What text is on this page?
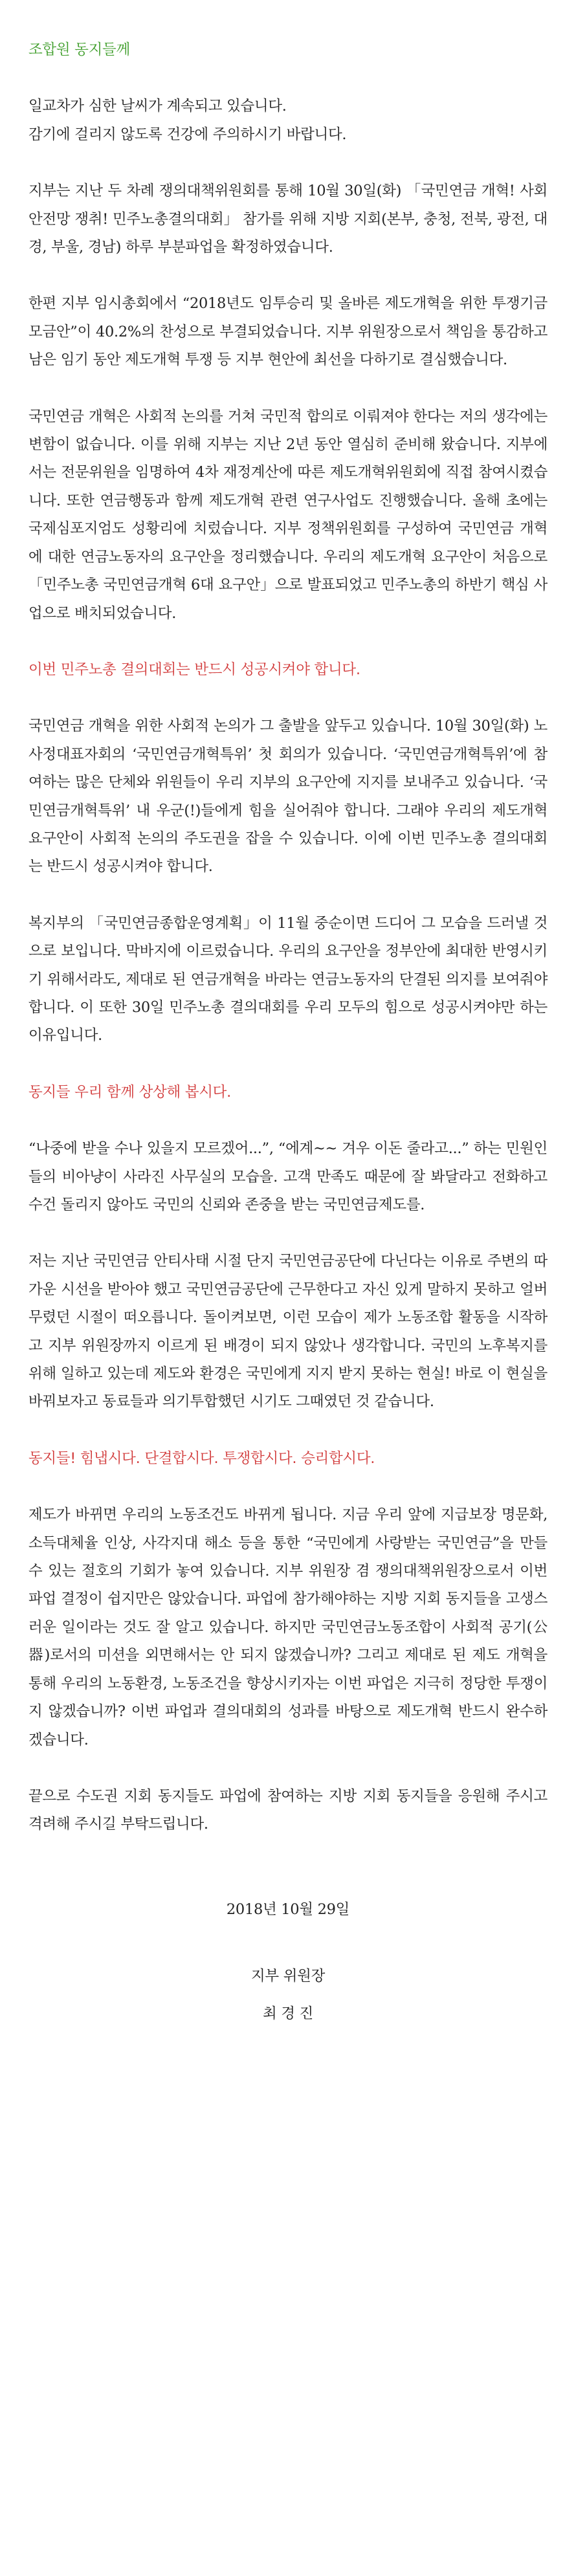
조합원 동지들께

일교차가 심한 날씨가 계속되고 있습니다.
감기에 걸리지 않도록 건강에 주의하시기 바랍니다.

지부는 지난 두 차례 쟁의대책위원회를 통해 10월 30일(화) 「국민연금 개혁! 사회안전망 쟁취! 민주노총결의대회」 참가를 위해 지방 지회(본부, 충청, 전북, 광전, 대경, 부울, 경남) 하루 부분파업을 확정하였습니다.

한편 지부 임시총회에서 “2018년도 임투승리 및 올바른 제도개혁을 위한 투쟁기금 모금안”이 40.2%의 찬성으로 부결되었습니다. 지부 위원장으로서 책임을 통감하고 남은 임기 동안 제도개혁 투쟁 등 지부 현안에 최선을 다하기로 결심했습니다.

국민연금 개혁은 사회적 논의를 거쳐 국민적 합의로 이뤄져야 한다는 저의 생각에는 변함이 없습니다. 이를 위해 지부는 지난 2년 동안 열심히 준비해 왔습니다. 지부에서는 전문위원을 임명하여 4차 재정계산에 따른 제도개혁위원회에 직접 참여시켰습니다. 또한 연금행동과 함께 제도개혁 관련 연구사업도 진행했습니다. 올해 초에는 국제심포지엄도 성황리에 치렀습니다. 지부 정책위원회를 구성하여 국민연금 개혁에 대한 연금노동자의 요구안을 정리했습니다. 우리의 제도개혁 요구안이 처음으로 「민주노총 국민연금개혁 6대 요구안」으로 발표되었고 민주노총의 하반기 핵심 사업으로 배치되었습니다.

이번 민주노총 결의대회는 반드시 성공시켜야 합니다.

국민연금 개혁을 위한 사회적 논의가 그 출발을 앞두고 있습니다. 10월 30일(화) 노사정대표자회의 ‘국민연금개혁특위’ 첫 회의가 있습니다. ‘국민연금개혁특위’에 참여하는 많은 단체와 위원들이 우리 지부의 요구안에 지지를 보내주고 있습니다. ‘국민연금개혁특위’ 내 우군(!)들에게 힘을 실어줘야 합니다. 그래야 우리의 제도개혁 요구안이 사회적 논의의 주도권을 잡을 수 있습니다. 이에 이번 민주노총 결의대회는 반드시 성공시켜야 합니다.

복지부의 「국민연금종합운영계획」이 11월 중순이면 드디어 그 모습을 드러낼 것으로 보입니다. 막바지에 이르렀습니다. 우리의 요구안을 정부안에 최대한 반영시키기 위해서라도, 제대로 된 연금개혁을 바라는 연금노동자의 단결된 의지를 보여줘야 합니다. 이 또한 30일 민주노총 결의대회를 우리 모두의 힘으로 성공시켜야만 하는 이유입니다.

동지들 우리 함께 상상해 봅시다.

“나중에 받을 수나 있을지 모르겠어...”, “에계~~ 겨우 이돈 줄라고...” 하는 민원인들의 비아냥이 사라진 사무실의 모습을. 고객 만족도 때문에 잘 봐달라고 전화하고 수건 돌리지 않아도 국민의 신뢰와 존중을 받는 국민연금제도를.

저는 지난 국민연금 안티사태 시절 단지 국민연금공단에 다닌다는 이유로 주변의 따가운 시선을 받아야 했고 국민연금공단에 근무한다고 자신 있게 말하지 못하고 얼버무렸던 시절이 떠오릅니다. 돌이켜보면, 이런 모습이 제가 노동조합 활동을 시작하고 지부 위원장까지 이르게 된 배경이 되지 않았나 생각합니다. 국민의 노후복지를 위해 일하고 있는데 제도와 환경은 국민에게 지지 받지 못하는 현실! 바로 이 현실을 바꿔보자고 동료들과 의기투합했던 시기도 그때였던 것 같습니다.

동지들! 힘냅시다. 단결합시다. 투쟁합시다. 승리합시다.

제도가 바뀌면 우리의 노동조건도 바뀌게 됩니다. 지금 우리 앞에 지급보장 명문화, 소득대체율 인상, 사각지대 해소 등을 통한 “국민에게 사랑받는 국민연금”을 만들 수 있는 절호의 기회가 놓여 있습니다. 지부 위원장 겸 쟁의대책위원장으로서 이번 파업 결정이 쉽지만은 않았습니다. 파업에 참가해야하는 지방 지회 동지들을 고생스러운 일이라는 것도 잘 알고 있습니다. 하지만 국민연금노동조합이 사회적 공기(公器)로서의 미션을 외면해서는 안 되지 않겠습니까? 그리고 제대로 된 제도 개혁을 통해 우리의 노동환경, 노동조건을 향상시키자는 이번 파업은 지극히 정당한 투쟁이지 않겠습니까? 이번 파업과 결의대회의 성과를 바탕으로 제도개혁 반드시 완수하겠습니다.

끝으로 수도권 지회 동지들도 파업에 참여하는 지방 지회 동지들을 응원해 주시고 격려해 주시길 부탁드립니다.

2018년 10월 29일

지부 위원장
최 경 진
